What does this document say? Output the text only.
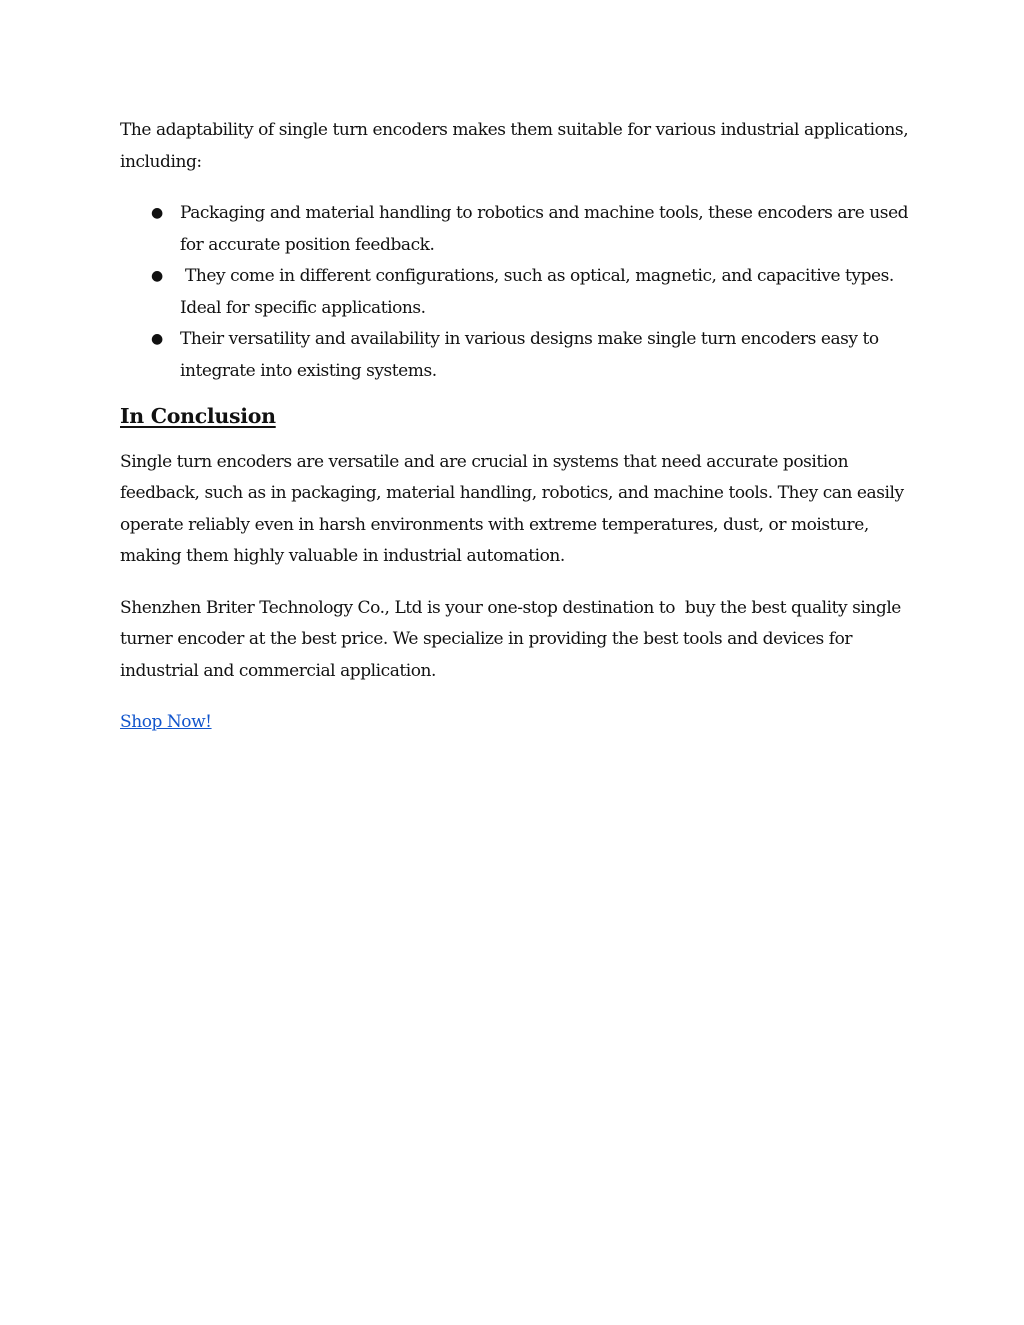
The adaptability of single turn encoders makes them suitable for various industrial applications, including:

● Packaging and material handling to robotics and machine tools, these encoders are used for accurate position feedback.
● They come in different configurations, such as optical, magnetic, and capacitive types. Ideal for specific applications.
● Their versatility and availability in various designs make single turn encoders easy to integrate into existing systems.
In Conclusion

Single turn encoders are versatile and are crucial in systems that need accurate position feedback, such as in packaging, material handling, robotics, and machine tools. They can easily operate reliably even in harsh environments with extreme temperatures, dust, or moisture, making them highly valuable in industrial automation.

Shenzhen Briter Technology Co., Ltd is your one-stop destination to  buy the best quality single turner encoder at the best price. We specialize in providing the best tools and devices for industrial and commercial application.

Shop Now!
